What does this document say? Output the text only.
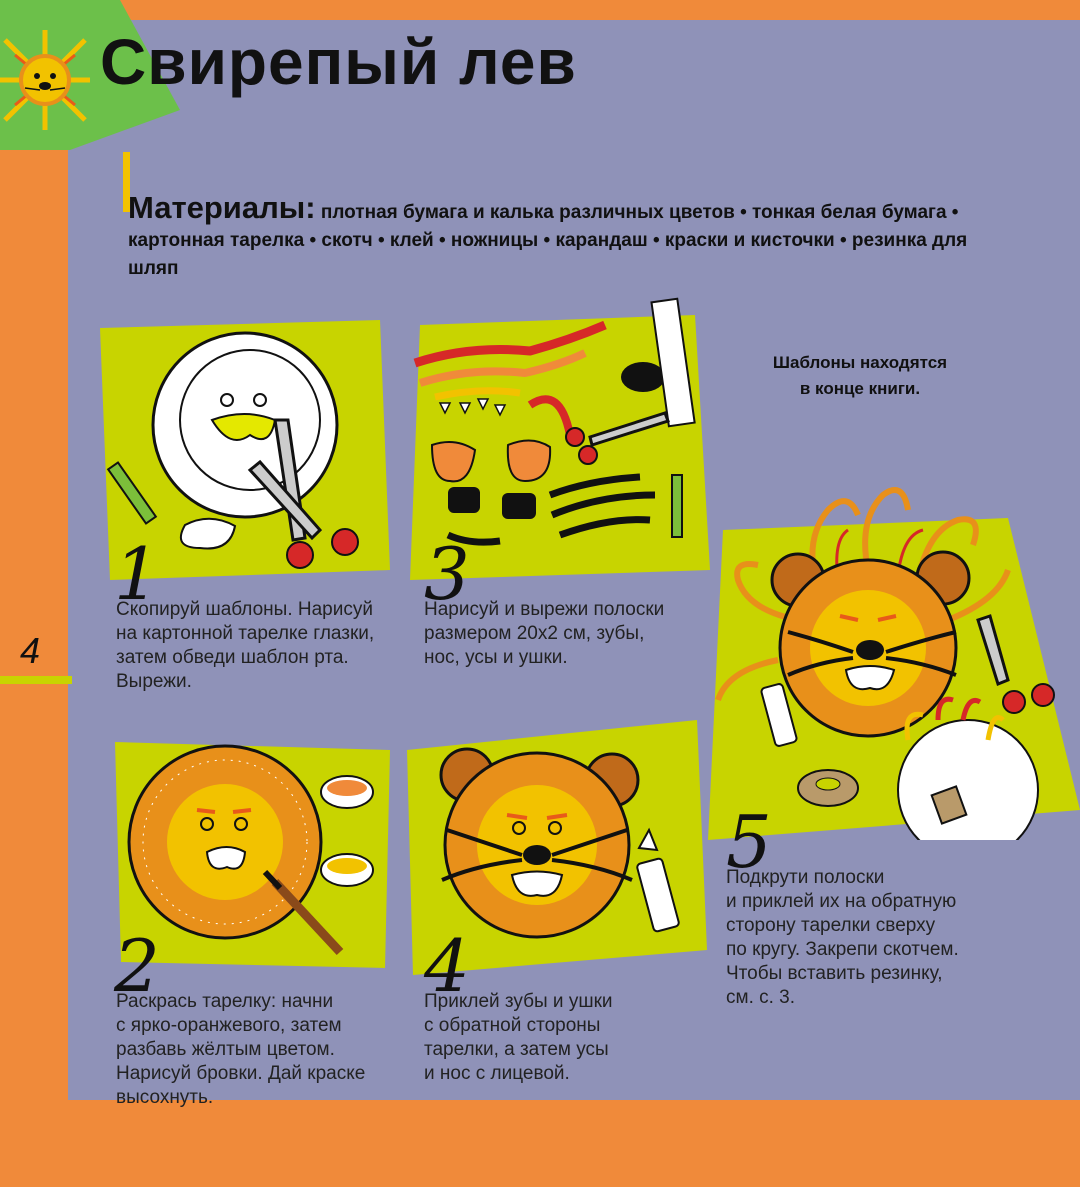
Свирепый лев
Материалы: плотная бумага и калька различных цветов • тонкая белая бумага • картонная тарелка • скотч • клей • ножницы • карандаш • краски и кисточки • резинка для шляп
Шаблоны находятся
в конце книги.
4
1
Скопируй шаблоны. Нарисуй
на картонной тарелке глазки,
затем обведи шаблон рта.
Вырежи.
3
Нарисуй и вырежи полоски
размером 20х2 см, зубы,
нос, усы и ушки.
2
Раскрась тарелку: начни
с ярко-оранжевого, затем
разбавь жёлтым цветом.
Нарисуй бровки. Дай краске
высохнуть.
4
Приклей зубы и ушки
с обратной стороны
тарелки, а затем усы
и нос с лицевой.
5
Подкрути полоски
и приклей их на обратную
сторону тарелки сверху
по кругу. Закрепи скотчем.
Чтобы вставить резинку,
см. с. 3.
